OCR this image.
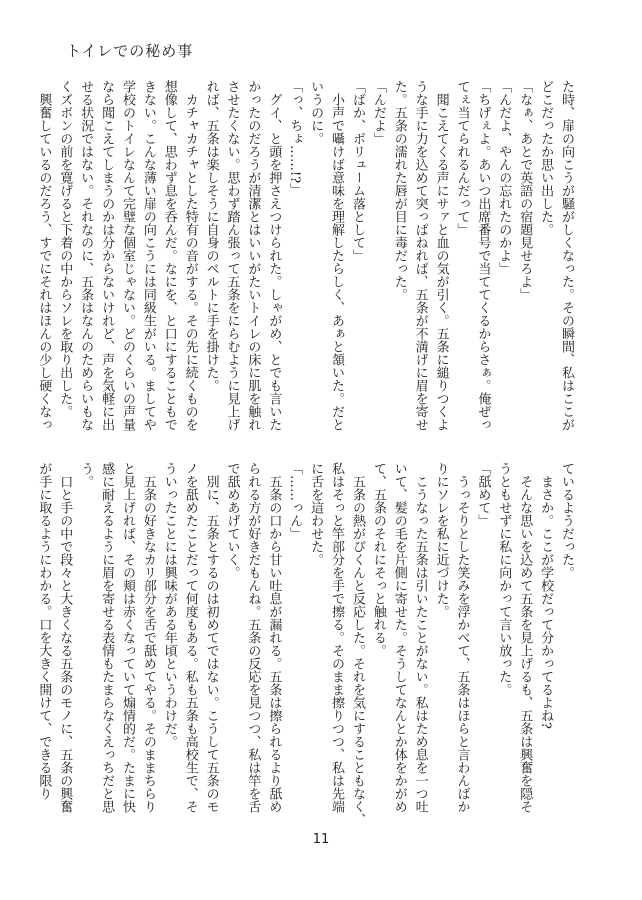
トイレでの秘め事

た時、扉の向こうが騒がしくなった。その瞬間、私はここが

どこだったか思い出した。

「なぁ、あとで英語の宿題見せろよ」

「んだよ、やんの忘れたのかよ」

「ちげぇよ。あいつ出席番号で当ててくるからさぁ。俺ぜっ

てぇ当てられるんだって」

聞こえてくる声にサァと血の気が引く。五条に縋りつくよ

うな手に力を込めて突っぱねれば、五条が不満げに眉を寄せ

た。五条の濡れた唇が目に毒だった。

「んだよ」

「ばか、ボリューム落として」

小声で囁けば意味を理解したらしく、あぁと頷いた。だと

いうのに。

「っ、ちょ……!?」

グイ、と頭を押さえつけられた。しゃがめ、とでも言いた

かったのだろうが清潔とはいいがたいトイレの床に肌を触れ

させたくない。思わず踏ん張って五条をにらむように見上げ

れば、五条は楽しそうに自身のベルトに手を掛けた。

カチャカチャとした特有の音がする。その先に続くものを

想像して、思わず息を呑んだ。なにを、と口にすることもで

きない。こんな薄い扉の向こうには同級生がいる。ましてや

学校のトイレなんて完璧な個室じゃない。どのくらいの声量

なら聞こえてしまうのかは分からないけれど、声を気軽に出

せる状況ではない。それなのに、五条はなんのためらいもな

くズボンの前を寛げると下着の中からソレを取り出した。

興奮しているのだろう、すでにそれはほんの少し硬くなっ

ているようだった。

まさか。ここが学校だって分かってるよね?

そんな思いを込めて五条を見上げるも、五条は興奮を隠そ

うともせずに私に向かって言い放った。

「舐めて」

うっそりとした笑みを浮かべて、五条はほらと言わんばか

りにソレを私に近づけた。

こうなった五条は引いたことがない。私はため息を一つ吐

いて、髪の毛を片側に寄せた。そうしてなんとか体をかがめ

て、五条のそれにそっと触れる。

五条の熱がぴくんと反応した。それを気にすることもなく、

私はそっと竿部分を手で擦る。そのまま擦りつつ、私は先端

に舌を這わせた。

「……っん」

五条の口から甘い吐息が漏れる。五条は擦られるより舐め

られる方が好きだもんね。五条の反応を見つつ、私は竿を舌

で舐めあげていく。

別に、五条とするのは初めてではない。こうして五条のモ

ノを舐めたことだって何度もある。私も五条も高校生で、そ

ういったことには興味がある年頃というわけだ。

五条の好きなカリ部分を舌で舐めてやる。そのままちらり

と見上げれば、その頬は赤くなっていて煽情的だ。たまに快

感に耐えるように眉を寄せる表情もたまらなくえっちだと思

う。

口と手の中で段々と大きくなる五条のモノに、五条の興奮

が手に取るようにわかる。口を大きく開けて、できる限り

11
